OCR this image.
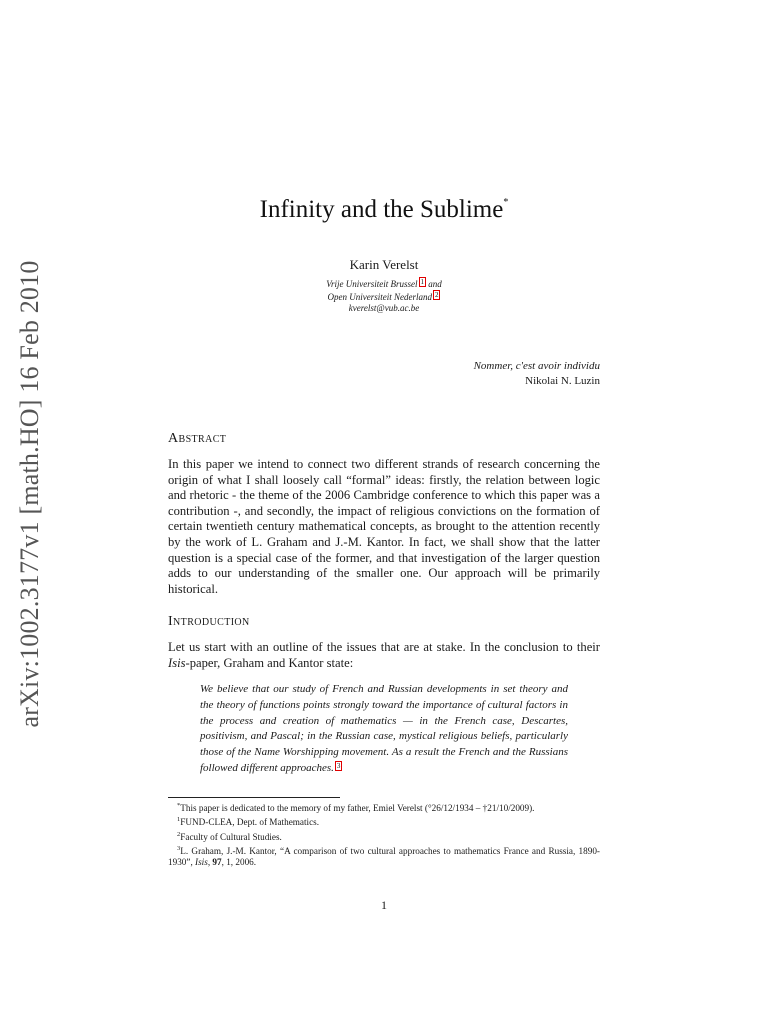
arXiv:1002.3177v1 [math.HO] 16 Feb 2010
Infinity and the Sublime*
Karin Verelst
Vrije Universiteit Brussel 1 and
Open Universiteit Nederland 2
kverelst@vub.ac.be
Nommer, c'est avoir individu
Nikolai N. Luzin
Abstract
In this paper we intend to connect two different strands of research concerning the origin of what I shall loosely call “formal” ideas: firstly, the relation between logic and rhetoric - the theme of the 2006 Cambridge conference to which this paper was a contribution -, and secondly, the impact of religious convictions on the formation of certain twentieth century mathematical concepts, as brought to the attention recently by the work of L. Graham and J.-M. Kantor. In fact, we shall show that the latter question is a special case of the former, and that investigation of the larger question adds to our understanding of the smaller one. Our approach will be primarily historical.
Introduction
Let us start with an outline of the issues that are at stake. In the conclusion to their Isis-paper, Graham and Kantor state:
We believe that our study of French and Russian developments in set theory and the theory of functions points strongly toward the importance of cultural factors in the process and creation of mathematics — in the French case, Descartes, positivism, and Pascal; in the Russian case, mystical religious beliefs, particularly those of the Name Worshipping movement. As a result the French and the Russians followed different approaches. 3
*This paper is dedicated to the memory of my father, Emiel Verelst (°26/12/1934 – †21/10/2009).
$^1$FUND-CLEA, Dept. of Mathematics.
$^2$Faculty of Cultural Studies.
$^3$L. Graham, J.-M. Kantor, “A comparison of two cultural approaches to mathematics France and Russia, 1890-1930”, Isis, 97, 1, 2006.
1
